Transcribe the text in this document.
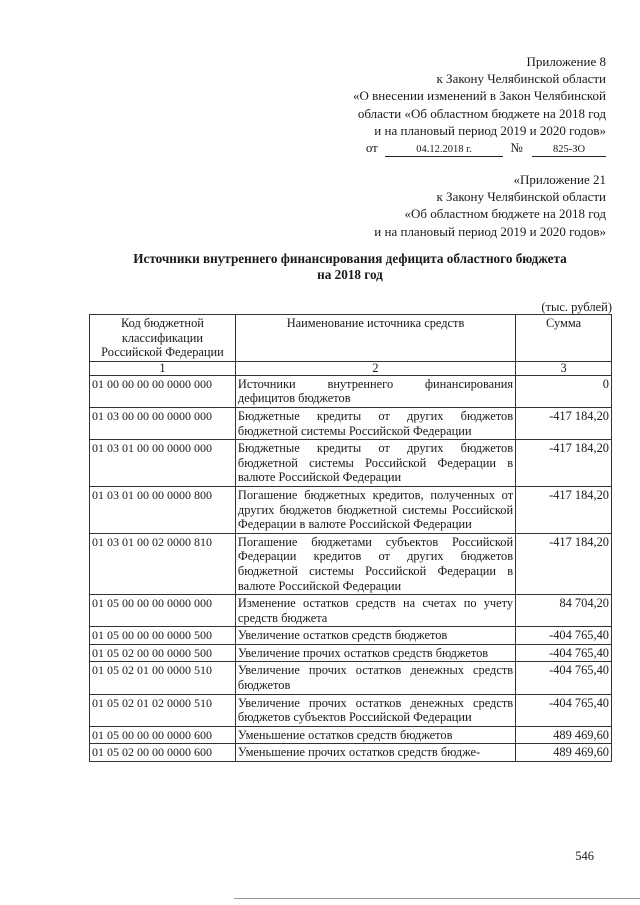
Приложение 8
к Закону Челябинской области
«О внесении изменений в Закон Челябинской
области «Об областном бюджете на 2018 год
и на плановый период 2019 и 2020 годов»
от	04.12.2018 г.	№	825-ЗО
«Приложение 21
к Закону Челябинской области
«Об областном бюджете на 2018 год
и на плановый период 2019 и 2020 годов»
Источники внутреннего финансирования дефицита областного бюджета
на 2018 год
(тыс. рублей)
Код бюджетной классификации Российской Федерации	Наименование источника средств	Сумма
1	2	3
01 00 00 00 00 0000 000	Источники внутреннего финансирования дефицитов бюджетов	0
01 03 00 00 00 0000 000	Бюджетные кредиты от других бюджетов бюджетной системы Российской Федерации	-417 184,20
01 03 01 00 00 0000 000	Бюджетные кредиты от других бюджетов бюджетной системы Российской Федерации в валюте Российской Федерации	-417 184,20
01 03 01 00 00 0000 800	Погашение бюджетных кредитов, полученных от других бюджетов бюджетной системы Российской Федерации в валюте Российской Федерации	-417 184,20
01 03 01 00 02 0000 810	Погашение бюджетами субъектов Российской Федерации кредитов от других бюджетов бюджетной системы Российской Федерации в валюте Российской Федерации	-417 184,20
01 05 00 00 00 0000 000	Изменение остатков средств на счетах по учету средств бюджета	84 704,20
01 05 00 00 00 0000 500	Увеличение остатков средств бюджетов	-404 765,40
01 05 02 00 00 0000 500	Увеличение прочих остатков средств бюджетов	-404 765,40
01 05 02 01 00 0000 510	Увеличение прочих остатков денежных средств бюджетов	-404 765,40
01 05 02 01 02 0000 510	Увеличение прочих остатков денежных средств бюджетов субъектов Российской Федерации	-404 765,40
01 05 00 00 00 0000 600	Уменьшение остатков средств бюджетов	489 469,60
01 05 02 00 00 0000 600	Уменьшение прочих остатков средств бюдже-	489 469,60
546
